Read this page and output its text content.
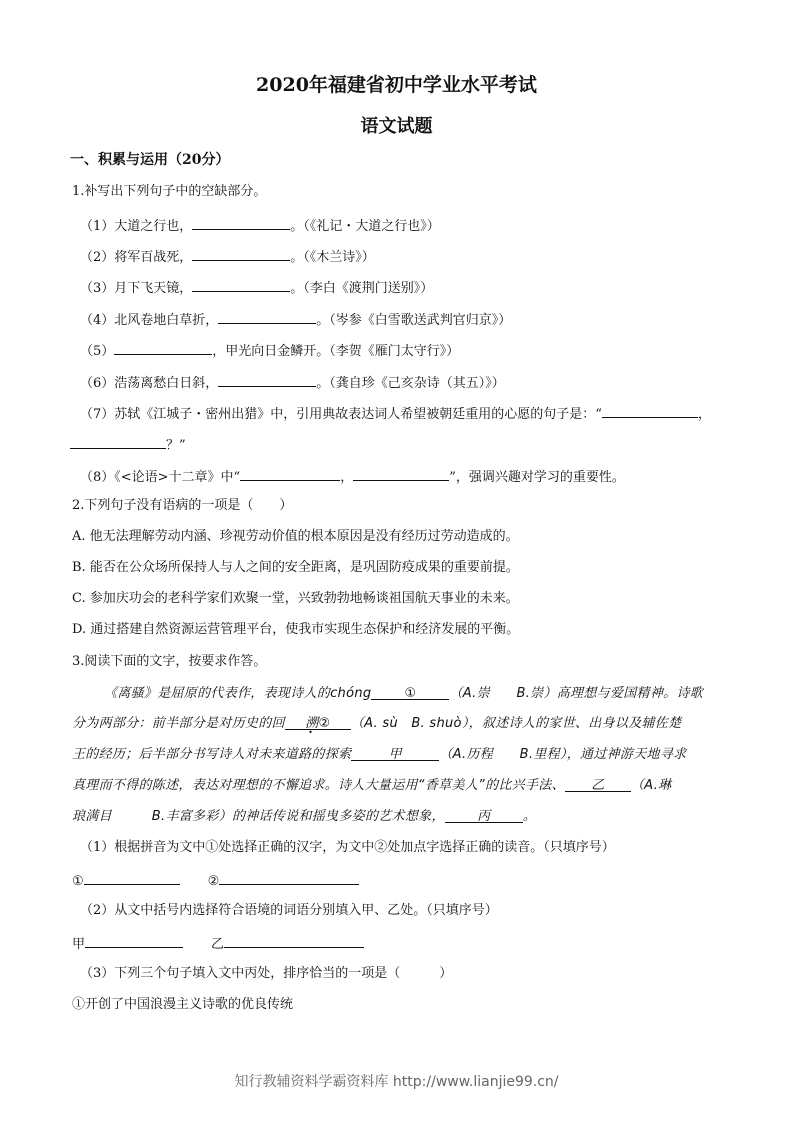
2020年福建省初中学业水平考试
语文试题
一、积累与运用（20分）
1.补写出下列句子中的空缺部分。
（1）大道之行也，	。（《礼记・大道之行也》）
（2）将军百战死，	。（《木兰诗》）
（3）月下飞天镜，	。（李白《渡荆门送别》）
（4）北风卷地白草折，	。（岑参《白雪歌送武判官归京》）
（5）	，甲光向日金鳞开。（李贺《雁门太守行》）
（6）浩荡离愁白日斜，	。（龚自珍《己亥杂诗（其五）》）
（7）苏轼《江城子・密州出猎》中，引用典故表达词人希望被朝廷重用的心愿的句子是：“	，
？”
（8）《<论语>十二章》中“	，	”，强调兴趣对学习的重要性。
2.下列句子没有语病的一项是（　　）
A. 他无法理解劳动内涵、珍视劳动价值的根本原因是没有经历过劳动造成的。
B. 能否在公众场所保持人与人之间的安全距离，是巩固防疫成果的重要前提。
C. 参加庆功会的老科学家们欢聚一堂，兴致勃勃地畅谈祖国航天事业的未来。
D. 通过搭建自然资源运营管理平台，使我市实现生态保护和经济发展的平衡。
3.阅读下面的文字，按要求作答。
《离骚》是屈原的代表作，表现诗人的chóng	①	（A.崇　　B.崇）高理想与爱国精神。诗歌
分为两部分：前半部分是对历史的回 溯② （A. sù　B. shuò），叙述诗人的家世、出身以及辅佐楚
王的经历；后半部分书写诗人对未来道路的探索	甲	（A.历程　　B.里程），通过神游天地寻求
真理而不得的陈述，表达对理想的不懈追求。诗人大量运用“香草美人”的比兴手法、 乙 （A.琳
琅满目　　　B.丰富多彩）的神话传说和摇曳多姿的艺术想象， 丙 。
（1）根据拼音为文中①处选择正确的汉字，为文中②处加点字选择正确的读音。（只填序号）
①	②
（2）从文中括号内选择符合语境的词语分别填入甲、乙处。（只填序号）
甲	乙
（3）下列三个句子填入文中丙处，排序恰当的一项是（　　　）
①开创了中国浪漫主义诗歌的优良传统
知行教辅资料学霸资料库 http://www.lianjie99.cn/
